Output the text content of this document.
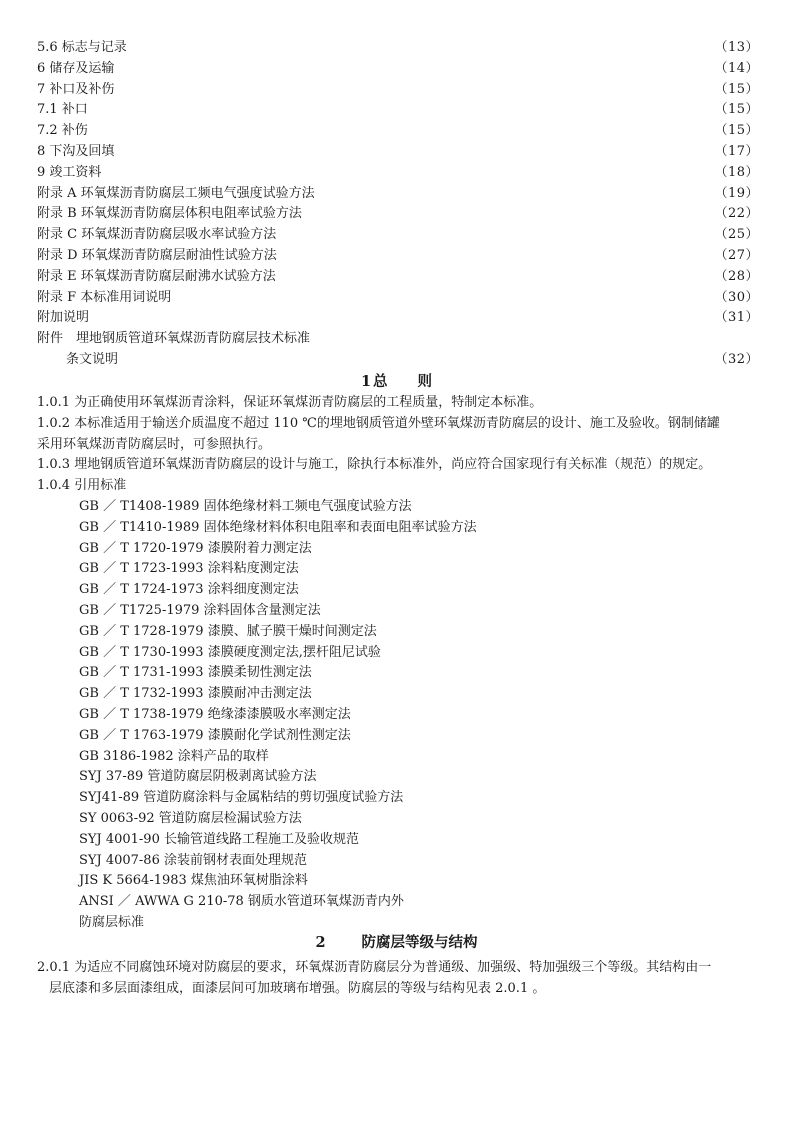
5.6 标志与记录	（13）
6 储存及运输	（14）
7 补口及补伤	（15）
7.1 补口	（15）
7.2 补伤	（15）
8 下沟及回填	（17）
9 竣工资料	（18）
附录 A 环氧煤沥青防腐层工频电气强度试验方法	（19）
附录 B 环氧煤沥青防腐层体积电阻率试验方法	（22）
附录 C 环氧煤沥青防腐层吸水率试验方法	（25）
附录 D 环氧煤沥青防腐层耐油性试验方法	（27）
附录 E 环氧煤沥青防腐层耐沸水试验方法	（28）
附录 F 本标准用词说明	（30）
附加说明	（31）
附件　埋地钢质管道环氧煤沥青防腐层技术标准
条文说明	（32）
1 总 则

1.0.1 为正确使用环氧煤沥青涂料，保证环氧煤沥青防腐层的工程质量，特制定本标准。

1.0.2 本标准适用于输送介质温度不超过 110 ℃的埋地钢质管道外壁环氧煤沥青防腐层的设计、施工及验收。钢制储罐

采用环氧煤沥青防腐层时，可参照执行。

1.0.3 埋地钢质管道环氧煤沥青防腐层的设计与施工，除执行本标准外，尚应符合国家现行有关标准（规范）的规定。

1.0.4 引用标准

GB ／ T1408-1989 固体绝缘材料工频电气强度试验方法
GB ／ T1410-1989 固体绝缘材料体积电阻率和表面电阻率试验方法
GB ／ T 1720-1979 漆膜附着力测定法
GB ／ T 1723-1993 涂料粘度测定法
GB ／ T 1724-1973 涂料细度测定法
GB ／ T1725-1979 涂料固体含量测定法
GB ／ T 1728-1979 漆膜、腻子膜干燥时间测定法
GB ／ T 1730-1993 漆膜硬度测定法,摆杆阻尼试验
GB ／ T 1731-1993 漆膜柔韧性测定法
GB ／ T 1732-1993 漆膜耐冲击测定法
GB ／ T 1738-1979 绝缘漆漆膜吸水率测定法
GB ／ T 1763-1979 漆膜耐化学试剂性测定法
GB 3186-1982 涂料产品的取样
SYJ 37-89 管道防腐层阴极剥离试验方法
SYJ41-89 管道防腐涂料与金属粘结的剪切强度试验方法
SY 0063-92 管道防腐层检漏试验方法
SYJ 4001-90 长输管道线路工程施工及验收规范
SYJ 4007-86 涂装前钢材表面处理规范
JIS K 5664-1983 煤焦油环氧树脂涂料
ANSI ／ AWWA G 210-78 钢质水管道环氧煤沥青内外
防腐层标准
2 防腐层等级与结构

2.0.1 为适应不同腐蚀环境对防腐层的要求，环氧煤沥青防腐层分为普通级、加强级、特加强级三个等级。其结构由一

层底漆和多层面漆组成，面漆层间可加玻璃布增强。防腐层的等级与结构见表 2.0.1 。
